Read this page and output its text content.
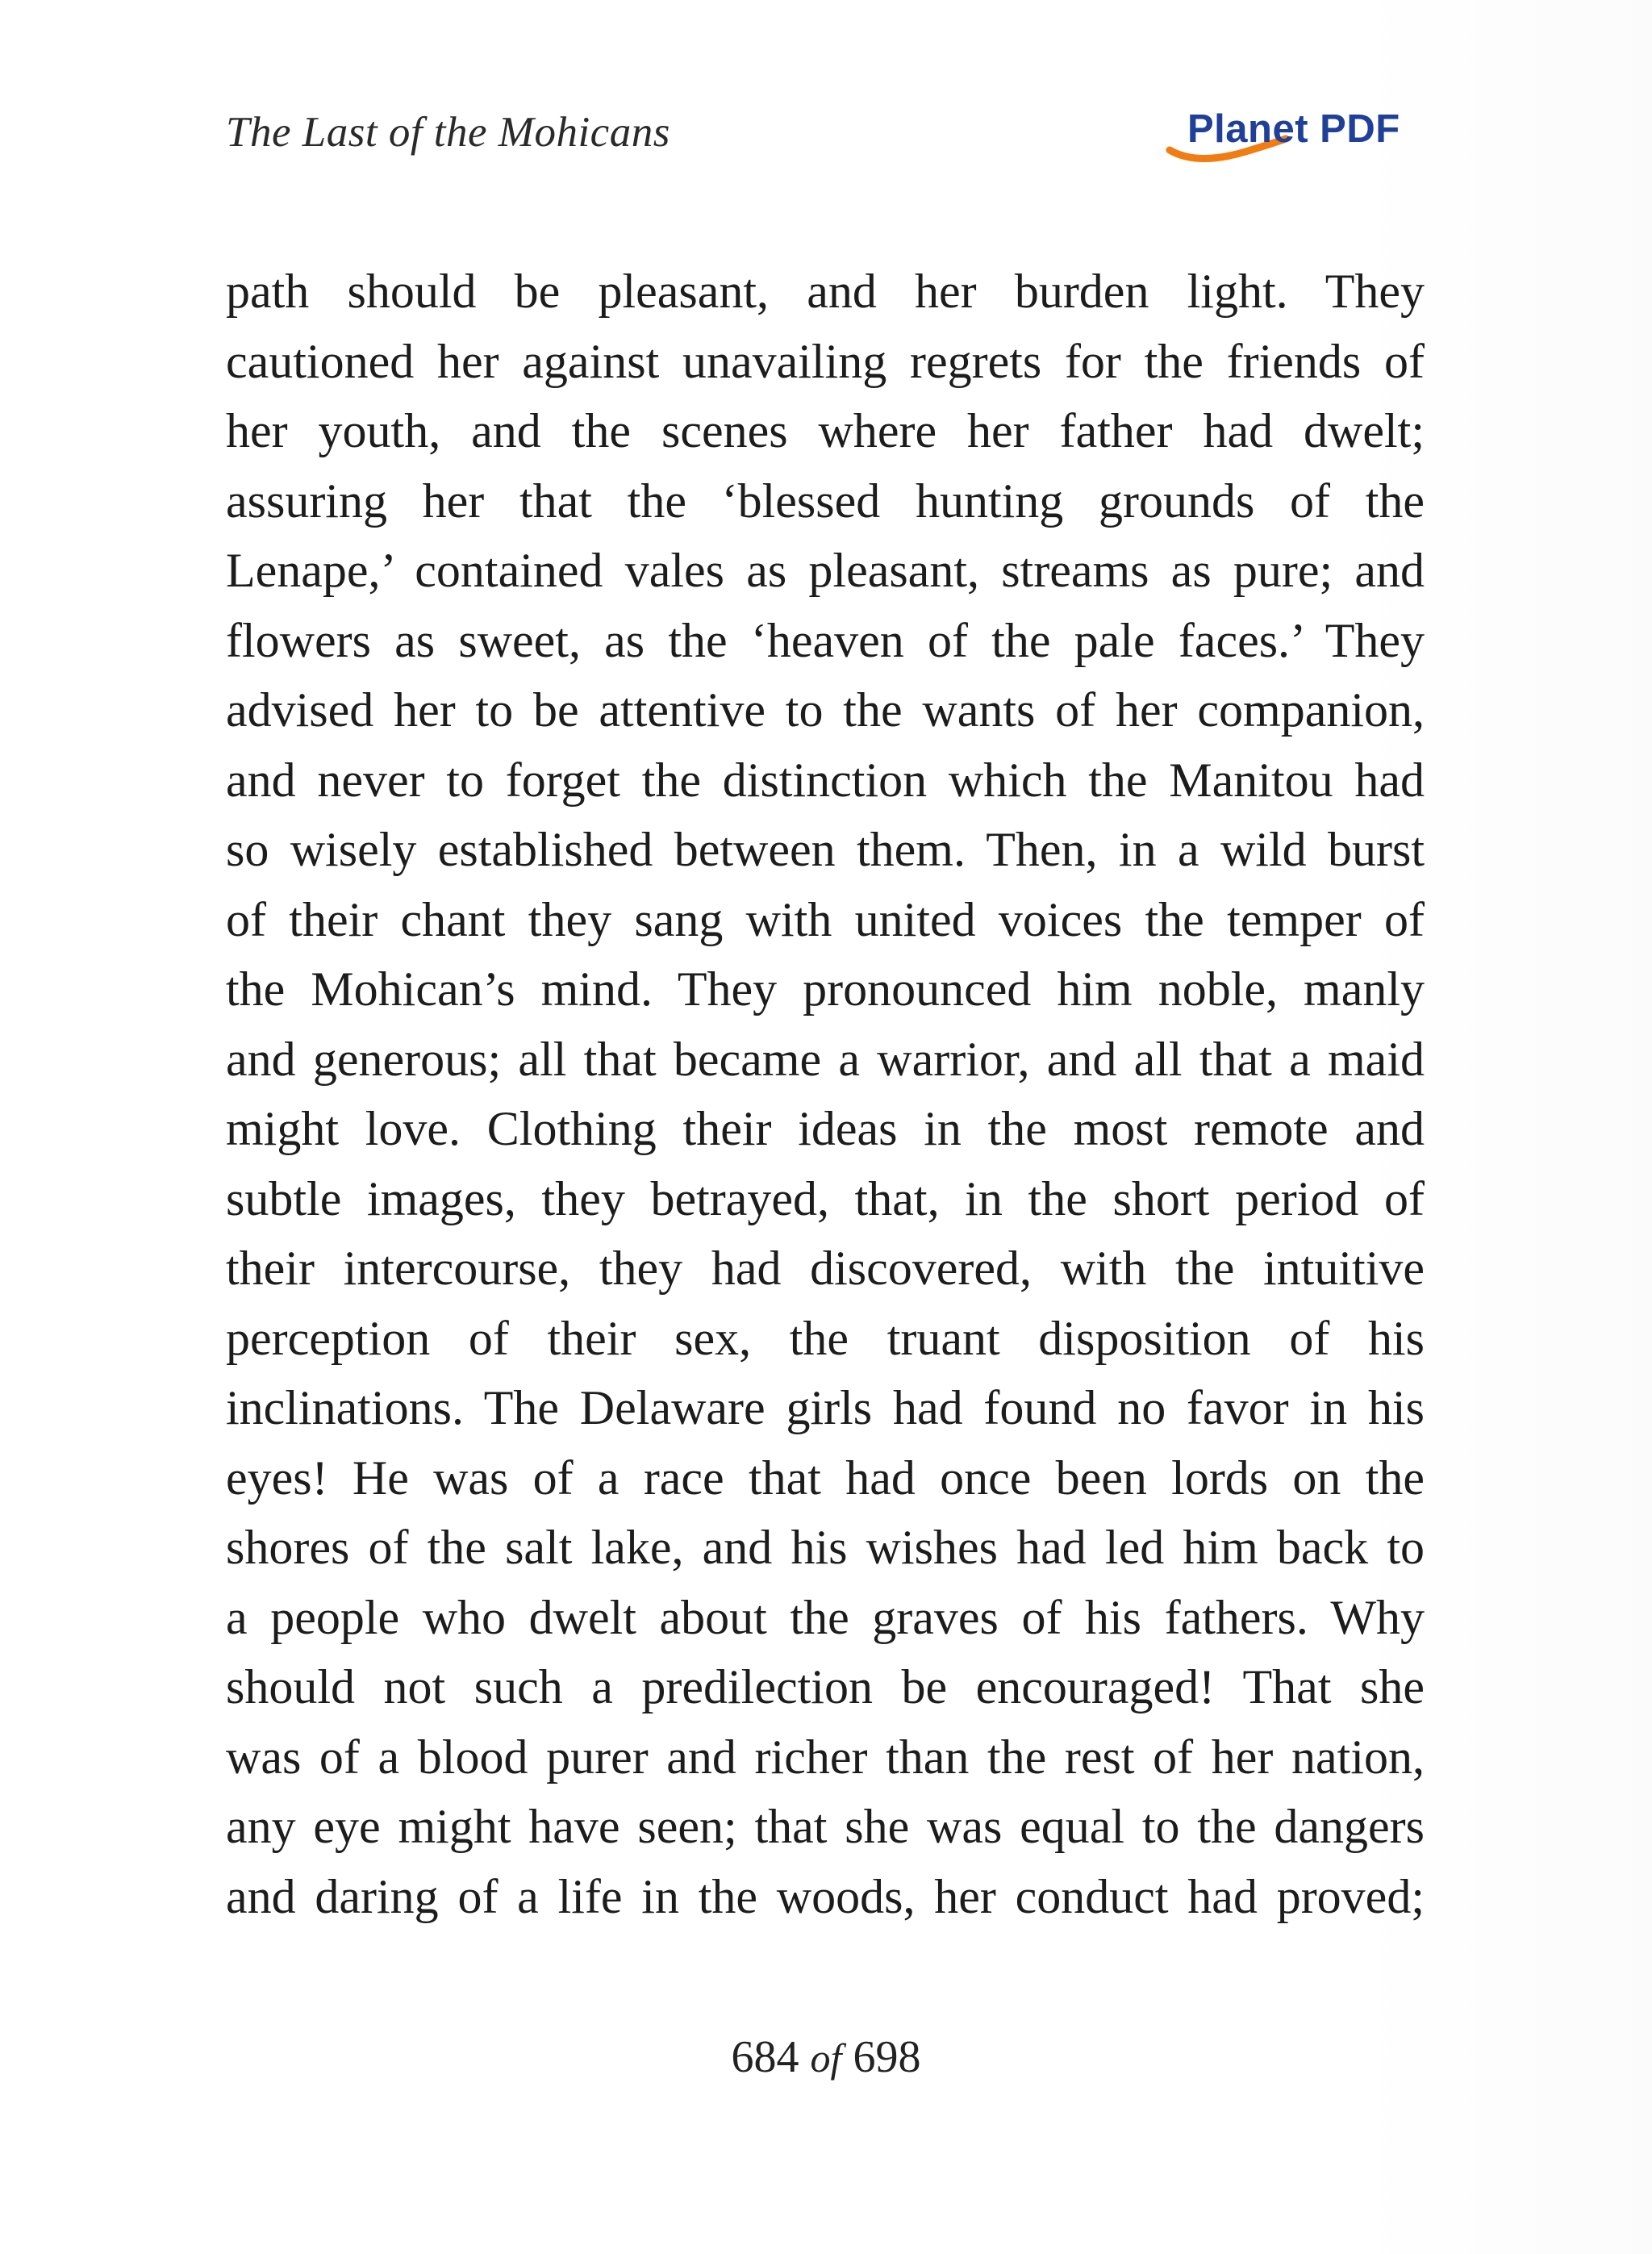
The Last of the Mohicans	Planet PDF
path should be pleasant, and her burden light. They
cautioned her against unavailing regrets for the friends of
her youth, and the scenes where her father had dwelt;
assuring her that the ‘blessed hunting grounds of the
Lenape,’ contained vales as pleasant, streams as pure; and
flowers as sweet, as the ‘heaven of the pale faces.’ They
advised her to be attentive to the wants of her companion,
and never to forget the distinction which the Manitou had
so wisely established between them. Then, in a wild burst
of their chant they sang with united voices the temper of
the Mohican’s mind. They pronounced him noble, manly
and generous; all that became a warrior, and all that a maid
might love. Clothing their ideas in the most remote and
subtle images, they betrayed, that, in the short period of
their intercourse, they had discovered, with the intuitive
perception of their sex, the truant disposition of his
inclinations. The Delaware girls had found no favor in his
eyes! He was of a race that had once been lords on the
shores of the salt lake, and his wishes had led him back to
a people who dwelt about the graves of his fathers. Why
should not such a predilection be encouraged! That she
was of a blood purer and richer than the rest of her nation,
any eye might have seen; that she was equal to the dangers
and daring of a life in the woods, her conduct had proved;
684 of 698
